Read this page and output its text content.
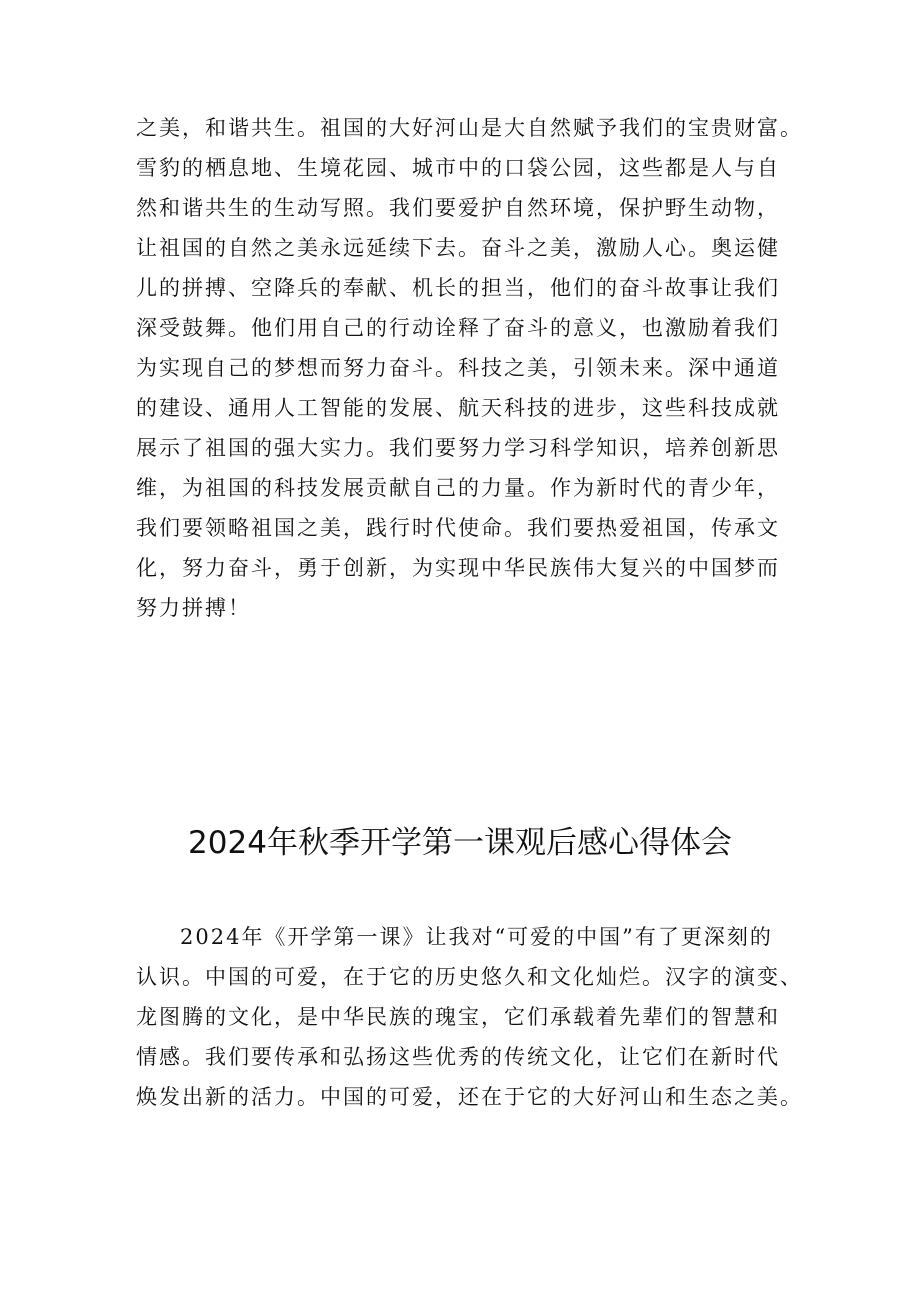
之美，和谐共生。祖国的大好河山是大自然赋予我们的宝贵财富。
雪豹的栖息地、生境花园、城市中的口袋公园，这些都是人与自
然和谐共生的生动写照。我们要爱护自然环境，保护野生动物，
让祖国的自然之美永远延续下去。奋斗之美，激励人心。奥运健
儿的拼搏、空降兵的奉献、机长的担当，他们的奋斗故事让我们
深受鼓舞。他们用自己的行动诠释了奋斗的意义，也激励着我们
为实现自己的梦想而努力奋斗。科技之美，引领未来。深中通道
的建设、通用人工智能的发展、航天科技的进步，这些科技成就
展示了祖国的强大实力。我们要努力学习科学知识，培养创新思
维，为祖国的科技发展贡献自己的力量。作为新时代的青少年，
我们要领略祖国之美，践行时代使命。我们要热爱祖国，传承文
化，努力奋斗，勇于创新，为实现中华民族伟大复兴的中国梦而
努力拼搏！
2024年秋季开学第一课观后感心得体会
2024年《开学第一课》让我对“可爱的中国”有了更深刻的
认识。中国的可爱，在于它的历史悠久和文化灿烂。汉字的演变、
龙图腾的文化，是中华民族的瑰宝，它们承载着先辈们的智慧和
情感。我们要传承和弘扬这些优秀的传统文化，让它们在新时代
焕发出新的活力。中国的可爱，还在于它的大好河山和生态之美。
